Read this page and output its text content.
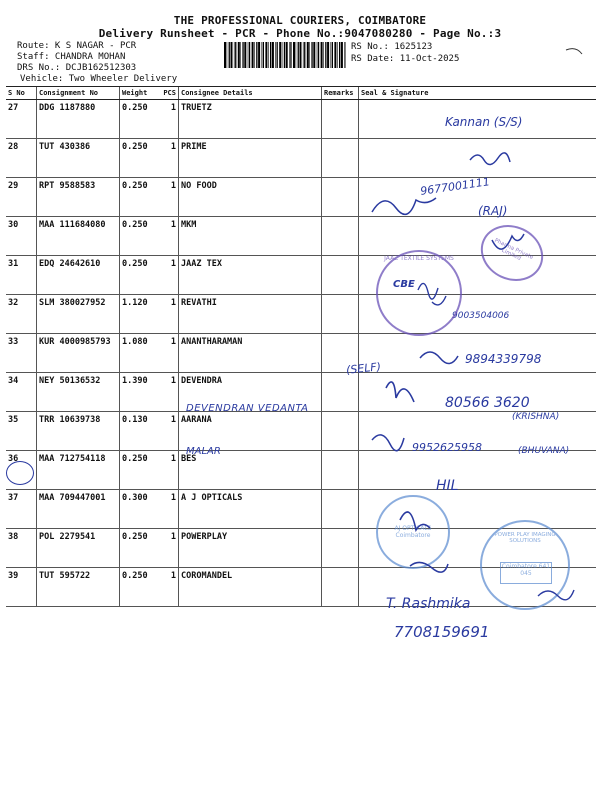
THE PROFESSIONAL COURIERS, COIMBATORE
Delivery Runsheet - PCR - Phone No.:9047080280 - Page No.:3
Route: K S NAGAR - PCR
Staff: CHANDRA MOHAN
DRS No.: DCJB162512303
Vehicle: Two Wheeler Delivery
RS No.: 1625123
RS Date: 11-Oct-2025
S No	Consignment No	Weight	PCS	Consignee Details	Remarks	Seal & Signature
27	DDG 1187880	0.250	1	TRUETZ		
28	TUT 430386	0.250	1	PRIME		
29	RPT 9588583	0.250	1	NO FOOD		
30	MAA 111684080	0.250	1	MKM		
31	EDQ 24642610	0.250	1	JAAZ TEX		
32	SLM 380027952	1.120	1	REVATHI		
33	KUR 4000985793	1.080	1	ANANTHARAMAN		
34	NEY 50136532	1.390	1	DEVENDRA		
35	TRR 10639738	0.130	1	AARANA		
36	MAA 712754118	0.250	1	BES		
37	MAA 709447001	0.300	1	A J OPTICALS		
38	POL 2279541	0.250	1	POWERPLAY		
39	TUT 595722	0.250	1	COROMANDEL		
Kannan (S/S)
9677001111
(RAJ)
CBE
9003504006
(SELF)
9894339798
DEVENDRAN VEDANTA	80566 3620
(KRISHNA)
MALAR	9952625958	(BHUVANA)
HIL
T. Rashmika
7708159691
JAAZ TEXTILE SYSTEMS	Pharma Private Limited
AJ OPTICALS Coimbatore	POWER PLAY IMAGING SOLUTIONS
Coimbatore 641 045
